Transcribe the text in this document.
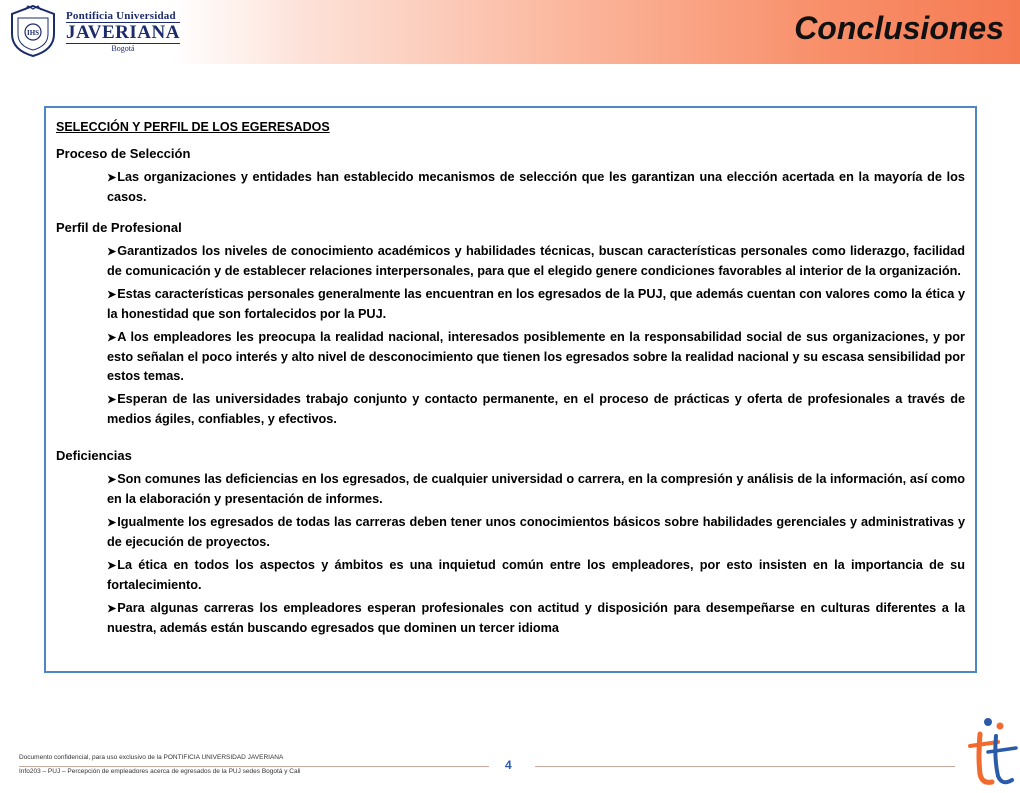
IHS
Pontificia Universidad
JAVERIANA
Bogotá
Conclusiones
SELECCIÓN Y PERFIL DE LOS EGERESADOS
Proceso de Selección
➤Las organizaciones y entidades han establecido mecanismos de selección que les garantizan una elección acertada en la mayoría de los casos.
Perfil de Profesional
➤Garantizados los niveles de conocimiento académicos y habilidades técnicas, buscan características personales como liderazgo, facilidad de comunicación y de establecer relaciones interpersonales, para que el elegido genere condiciones favorables al interior de la organización.
➤Estas características personales generalmente las encuentran en los egresados de la PUJ, que además cuentan con valores como la ética y la honestidad que son fortalecidos por la PUJ.
➤A los empleadores les preocupa la realidad nacional, interesados posiblemente en la responsabilidad social de sus organizaciones, y por esto señalan el poco interés y alto nivel de desconocimiento que tienen los egresados sobre la realidad nacional y su escasa sensibilidad por estos temas.
➤Esperan de las universidades trabajo conjunto y contacto permanente, en el proceso de prácticas y oferta de profesionales a través de medios ágiles, confiables, y efectivos.
Deficiencias
➤Son comunes las deficiencias en los egresados, de cualquier universidad o carrera, en la compresión y análisis de la información, así como en la elaboración y presentación de informes.
➤Igualmente los egresados de todas las carreras deben tener unos conocimientos básicos sobre habilidades gerenciales y administrativas y de ejecución de proyectos.
➤La ética en todos los aspectos y ámbitos es una inquietud común entre los empleadores, por esto insisten en la importancia de su fortalecimiento.
➤Para algunas carreras los empleadores esperan profesionales con actitud y disposición para desempeñarse en culturas diferentes a la nuestra, además están buscando egresados que dominen un tercer idioma
Documento confidencial, para uso exclusivo de la PONTIFICIA UNIVERSIDAD JAVERIANA
Info203 – PUJ – Percepción de empleadores acerca de egresados de la PUJ sedes Bogotá y Cali	4
